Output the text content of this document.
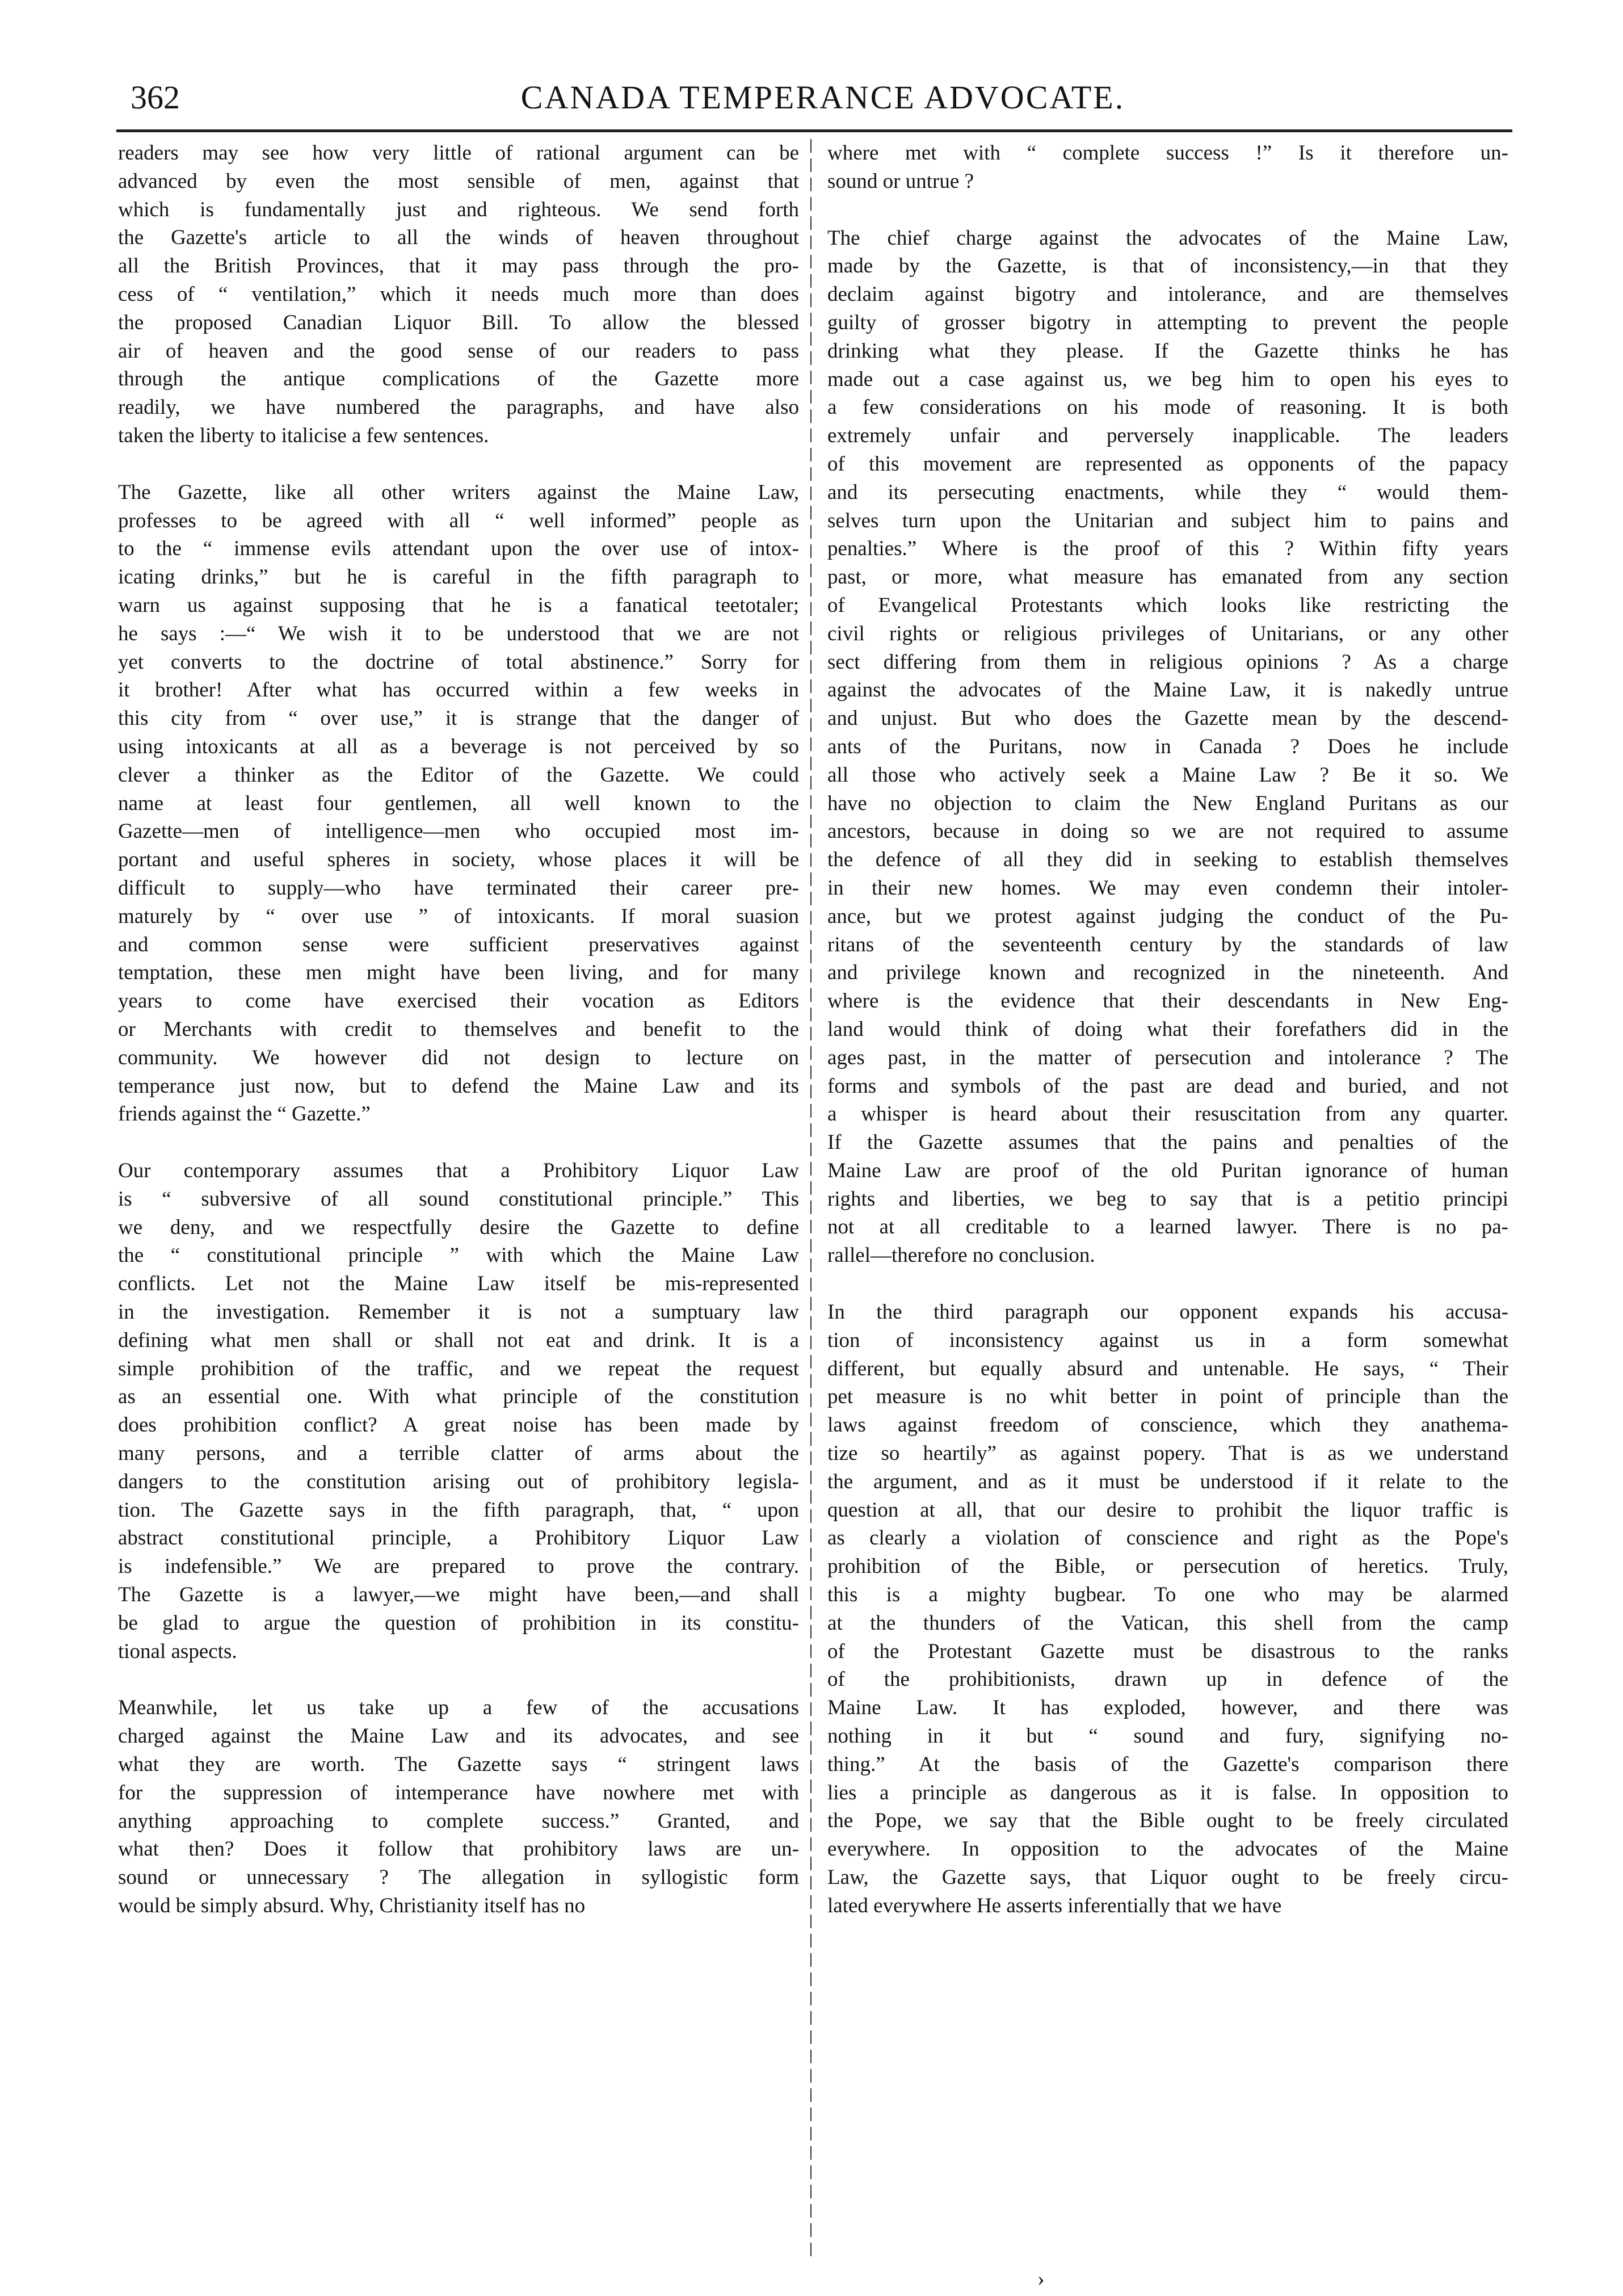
362	CANADA TEMPERANCE ADVOCATE.
readers may see how very little of rational argument can be
advanced by even the most sensible of men, against that
which is fundamentally just and righteous. We send forth
the Gazette's article to all the winds of heaven throughout
all the British Provinces, that it may pass through the pro-
cess of “ ventilation,” which it needs much more than does
the proposed Canadian Liquor Bill. To allow the blessed
air of heaven and the good sense of our readers to pass
through the antique complications of the Gazette more
readily, we have numbered the paragraphs, and have also
taken the liberty to italicise a few sentences.
The Gazette, like all other writers against the Maine Law,
professes to be agreed with all “ well informed” people as
to the “ immense evils attendant upon the over use of intox-
icating drinks,” but he is careful in the fifth paragraph to
warn us against supposing that he is a fanatical teetotaler;
he says :—“ We wish it to be understood that we are not
yet converts to the doctrine of total abstinence.” Sorry for
it brother! After what has occurred within a few weeks in
this city from “ over use,” it is strange that the danger of
using intoxicants at all as a beverage is not perceived by so
clever a thinker as the Editor of the Gazette. We could
name at least four gentlemen, all well known to the
Gazette—men of intelligence—men who occupied most im-
portant and useful spheres in society, whose places it will be
difficult to supply—who have terminated their career pre-
maturely by “ over use ” of intoxicants. If moral suasion
and common sense were sufficient preservatives against
temptation, these men might have been living, and for many
years to come have exercised their vocation as Editors
or Merchants with credit to themselves and benefit to the
community. We however did not design to lecture on
temperance just now, but to defend the Maine Law and its
friends against the “ Gazette.”
Our contemporary assumes that a Prohibitory Liquor Law
is “ subversive of all sound constitutional principle.” This
we deny, and we respectfully desire the Gazette to define
the “ constitutional principle ” with which the Maine Law
conflicts. Let not the Maine Law itself be mis-represented
in the investigation. Remember it is not a sumptuary law
defining what men shall or shall not eat and drink. It is a
simple prohibition of the traffic, and we repeat the request
as an essential one. With what principle of the constitution
does prohibition conflict? A great noise has been made by
many persons, and a terrible clatter of arms about the
dangers to the constitution arising out of prohibitory legisla-
tion. The Gazette says in the fifth paragraph, that, “ upon
abstract constitutional principle, a Prohibitory Liquor Law
is indefensible.” We are prepared to prove the contrary.
The Gazette is a lawyer,—we might have been,—and shall
be glad to argue the question of prohibition in its constitu-
tional aspects.
Meanwhile, let us take up a few of the accusations
charged against the Maine Law and its advocates, and see
what they are worth. The Gazette says “ stringent laws
for the suppression of intemperance have nowhere met with
anything approaching to complete success.” Granted, and
what then? Does it follow that prohibitory laws are un-
sound or unnecessary ? The allegation in syllogistic form
would be simply absurd. Why, Christianity itself has no
where met with “ complete success !” Is it therefore un-
sound or untrue ?
The chief charge against the advocates of the Maine Law,
made by the Gazette, is that of inconsistency,—in that they
declaim against bigotry and intolerance, and are themselves
guilty of grosser bigotry in attempting to prevent the people
drinking what they please. If the Gazette thinks he has
made out a case against us, we beg him to open his eyes to
a few considerations on his mode of reasoning. It is both
extremely unfair and perversely inapplicable. The leaders
of this movement are represented as opponents of the papacy
and its persecuting enactments, while they “ would them-
selves turn upon the Unitarian and subject him to pains and
penalties.” Where is the proof of this ? Within fifty years
past, or more, what measure has emanated from any section
of Evangelical Protestants which looks like restricting the
civil rights or religious privileges of Unitarians, or any other
sect differing from them in religious opinions ? As a charge
against the advocates of the Maine Law, it is nakedly untrue
and unjust. But who does the Gazette mean by the descend-
ants of the Puritans, now in Canada ? Does he include
all those who actively seek a Maine Law ? Be it so. We
have no objection to claim the New England Puritans as our
ancestors, because in doing so we are not required to assume
the defence of all they did in seeking to establish themselves
in their new homes. We may even condemn their intoler-
ance, but we protest against judging the conduct of the Pu-
ritans of the seventeenth century by the standards of law
and privilege known and recognized in the nineteenth. And
where is the evidence that their descendants in New Eng-
land would think of doing what their forefathers did in the
ages past, in the matter of persecution and intolerance ? The
forms and symbols of the past are dead and buried, and not
a whisper is heard about their resuscitation from any quarter.
If the Gazette assumes that the pains and penalties of the
Maine Law are proof of the old Puritan ignorance of human
rights and liberties, we beg to say that is a petitio principi
not at all creditable to a learned lawyer. There is no pa-
rallel—therefore no conclusion.
In the third paragraph our opponent expands his accusa-
tion of inconsistency against us in a form somewhat
different, but equally absurd and untenable. He says, “ Their
pet measure is no whit better in point of principle than the
laws against freedom of conscience, which they anathema-
tize so heartily” as against popery. That is as we understand
the argument, and as it must be understood if it relate to the
question at all, that our desire to prohibit the liquor traffic is
as clearly a violation of conscience and right as the Pope's
prohibition of the Bible, or persecution of heretics. Truly,
this is a mighty bugbear. To one who may be alarmed
at the thunders of the Vatican, this shell from the camp
of the Protestant Gazette must be disastrous to the ranks
of the prohibitionists, drawn up in defence of the
Maine Law. It has exploded, however, and there was
nothing in it but “ sound and fury, signifying no-
thing.” At the basis of the Gazette's comparison there
lies a principle as dangerous as it is false. In opposition to
the Pope, we say that the Bible ought to be freely circulated
everywhere. In opposition to the advocates of the Maine
Law, the Gazette says, that Liquor ought to be freely circu-
lated everywhere He asserts inferentially that we have
›
